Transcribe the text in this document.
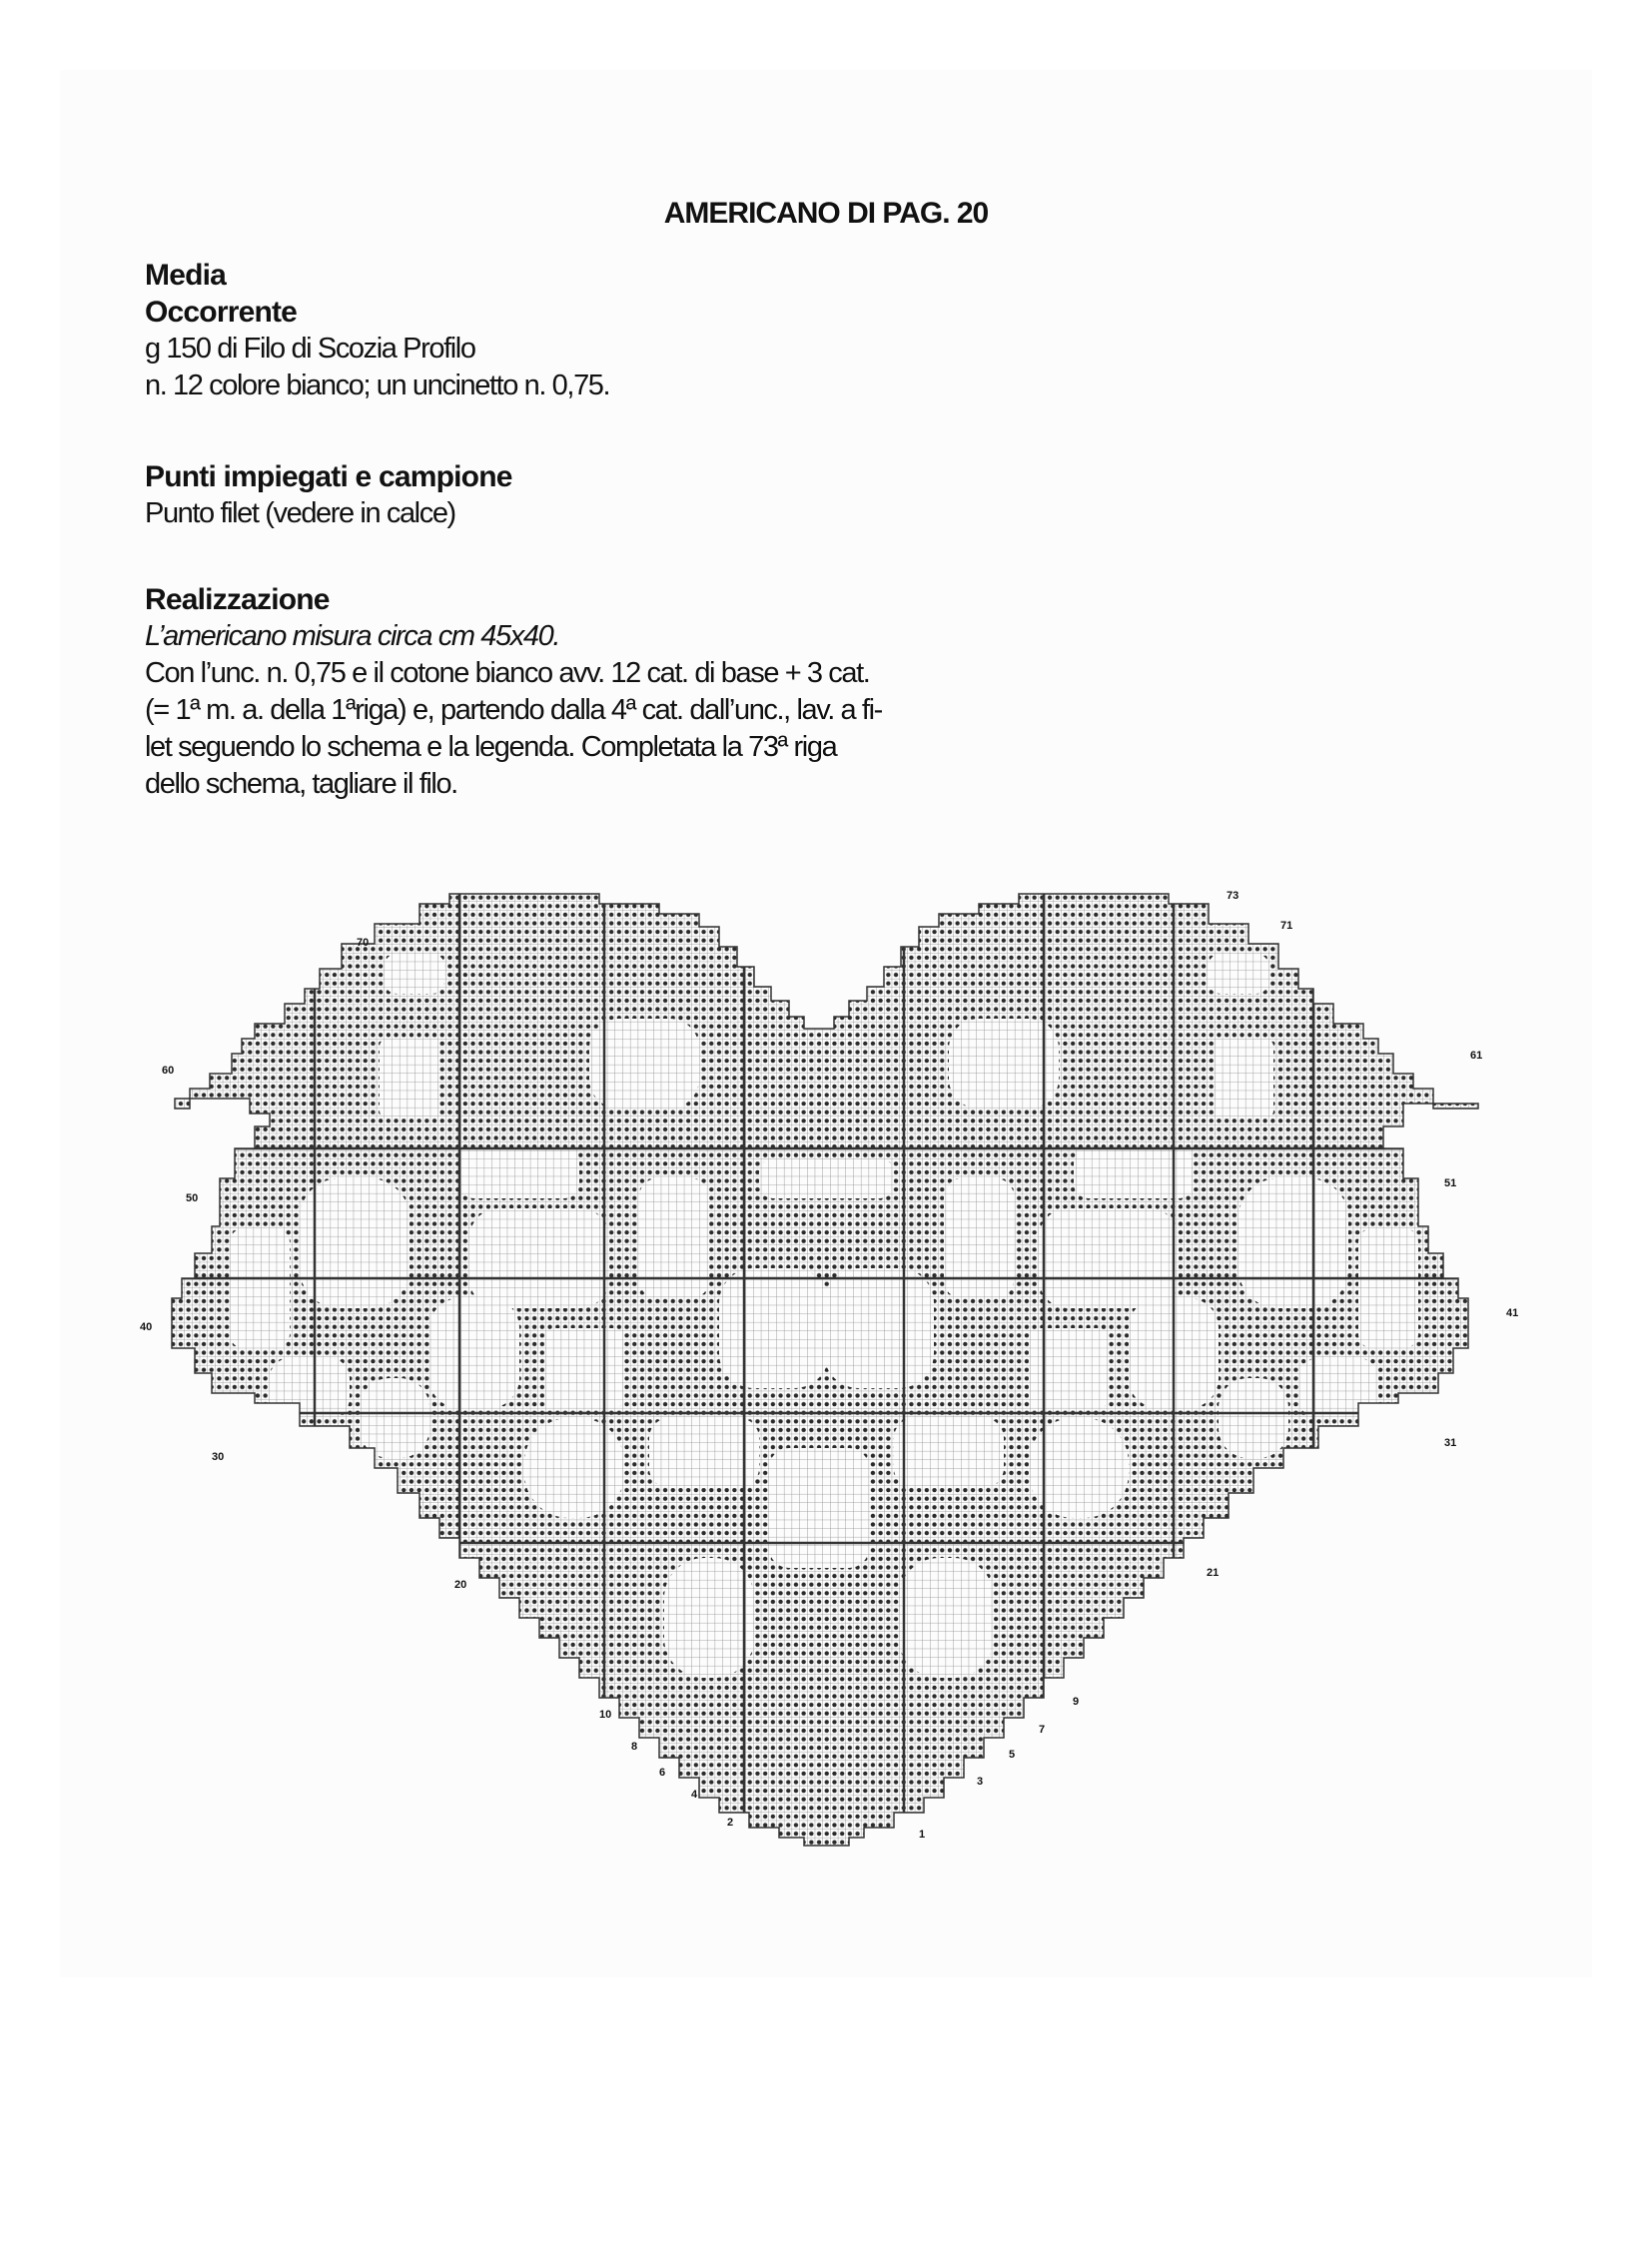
AMERICANO DI PAG. 20

Media

Occorrente

g 150 di Filo di Scozia Profilo

n. 12 colore bianco; un uncinetto n. 0,75.

Punti impiegati e campione

Punto filet (vedere in calce)

Realizzazione

L’americano misura circa cm 45x40.

Con l’unc. n. 0,75 e il cotone bianco avv. 12 cat. di base + 3 cat.

(= 1ª m. a. della 1ªriga) e, partendo dalla 4ª cat. dall’unc., lav. a fi-

let seguendo lo schema e la legenda. Completata la 73ª riga

dello schema, tagliare il filo.

70
60
50
40
30
20
10
8
6
4
2
73
71
61
51
41
31
21
9
7
5
3
1
